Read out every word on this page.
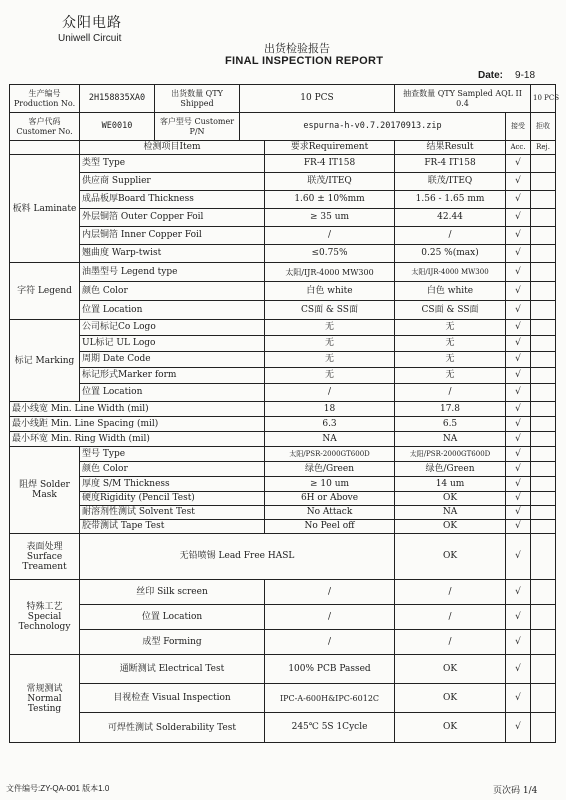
众阳电路
Uniwell Circuit
出货检验报告
FINAL INSPECTION REPORT
Date: 9-18
生产编号 Production No.	2H158835XA0	出货数量 QTY Shipped	10 PCS		抽查数量 QTY Sampled AQL II 0.4		10 PCS
客户代码 Customer No.	WE0010	客户型号 Customer P/N	espurna-h-v0.7.20170913.zip			接受	拒收
	检测项目Item			要求Requirement	结果Result	Acc.	Rej.
板料 Laminate	类型 Type			FR-4 IT158	FR-4 IT158	√	
	供应商 Supplier			联茂/ITEQ	联茂/ITEQ	√	
	成品板厚Board Thickness			1.60 ± 10%mm	1.56 - 1.65 mm	√	
	外层铜箔 Outer Copper Foil			≥ 35 um	42.44	√	
	内层铜箔 Inner Copper Foil			/	/	√	
	翘曲度 Warp-twist			≤0.75%	0.25 %(max)	√	
字符 Legend	油墨型号 Legend type			太阳/IJR-4000 MW300	太阳/IJR-4000 MW300	√	
	颜色 Color			白色 white	白色 white	√	
	位置 Location			CS面 & SS面	CS面 & SS面	√	
标记 Marking	公司标记Co Logo			无	无	√	
	UL标记 UL Logo			无	无	√	
	周期 Date Code			无	无	√	
	标记形式Marker form			无	无	√	
	位置 Location			/	/	√	
最小线宽 Min. Line Width (mil)				18	17.8	√	
最小线距 Min. Line Spacing (mil)				6.3	6.5	√	
最小环宽 Min. Ring Width (mil)				NA	NA	√	
阻焊 Solder Mask	型号 Type			太阳/PSR-2000GT600D	太阳/PSR-2000GT600D	√	
	颜色 Color			绿色/Green	绿色/Green	√	
	厚度 S/M Thickness			≥ 10 um	14 um	√	
	硬度Rigidity (Pencil Test)			6H or Above	OK	√	
	耐溶剂性测试 Solvent Test			No Attack	NA	√	
	胶带测试 Tape Test			No Peel off	OK	√	
表面处理 Surface Treament	无铅喷锡 Lead Free HASL				OK	√	
特殊工艺 Special Technology	丝印 Silk screen			/	/	√	
	位置 Location			/	/	√	
	成型 Forming			/	/	√	
常规测试 Normal Testing	通断测试 Electrical Test			100% PCB Passed	OK	√	
	目视检查 Visual Inspection			IPC-A-600H&IPC-6012C	OK	√	
	可焊性测试 Solderability Test			245℃ 5S 1Cycle	OK	√	
文件编号:ZY-QA-001 版本1.0	页次码 1/4
